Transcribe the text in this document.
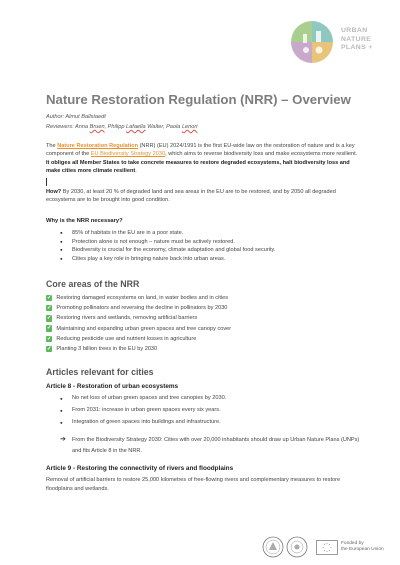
URBAN
NATURE
PLANS +
Nature Restoration Regulation (NRR) – Overview
Author: Almut Ballstaedt
Reviewers: Anna Bruen, Philipp Lafaella Walter, Paola Lenori
The Nature Restoration Regulation (NRR) (EU) 2024/1991 is the first EU-wide law on the restoration of nature and is a key component of the EU Biodiversity Strategy 2030, which aims to reverse biodiversity loss and make ecosystems more resilient. It obliges all Member States to take concrete measures to restore degraded ecosystems, halt biodiversity loss and make cities more climate resilient.
How? By 2030, at least 20 % of degraded land and sea areas in the EU are to be restored, and by 2050 all degraded ecosystems are to be brought into good condition.
Why is the NRR necessary?
● 85% of habitats in the EU are in a poor state.
● Protection alone is not enough – nature must be actively restored.
● Biodiversity is crucial for the economy, climate adaptation and global food security.
● Cities play a key role in bringing nature back into urban areas.
Core areas of the NRR
✓ Restoring damaged ecosystems on land, in water bodies and in cities
✓ Promoting pollinators and reversing the decline in pollinators by 2030
✓ Restoring rivers and wetlands, removing artificial barriers
✓ Maintaining and expanding urban green spaces and tree canopy cover
✓ Reducing pesticide use and nutrient losses in agriculture
✓ Planting 3 billion trees in the EU by 2030
Articles relevant for cities
Article 8 - Restoration of urban ecosystems
● No net loss of urban green spaces and tree canopies by 2030.
● From 2031: increase in urban green spaces every six years.
● Integration of green spaces into buildings and infrastructure.
➔ From the Biodiversity Strategy 2030: Cities with over 20,000 inhabitants should draw up Urban Nature Plans (UNPs) and fits Article 8 in the NRR.
Article 9 - Restoring the connectivity of rivers and floodplains
Removal of artificial barriers to restore 25,000 kilometres of free-flowing rivers and complementary measures to restore floodplains and wetlands.
Funded by
the European Union
